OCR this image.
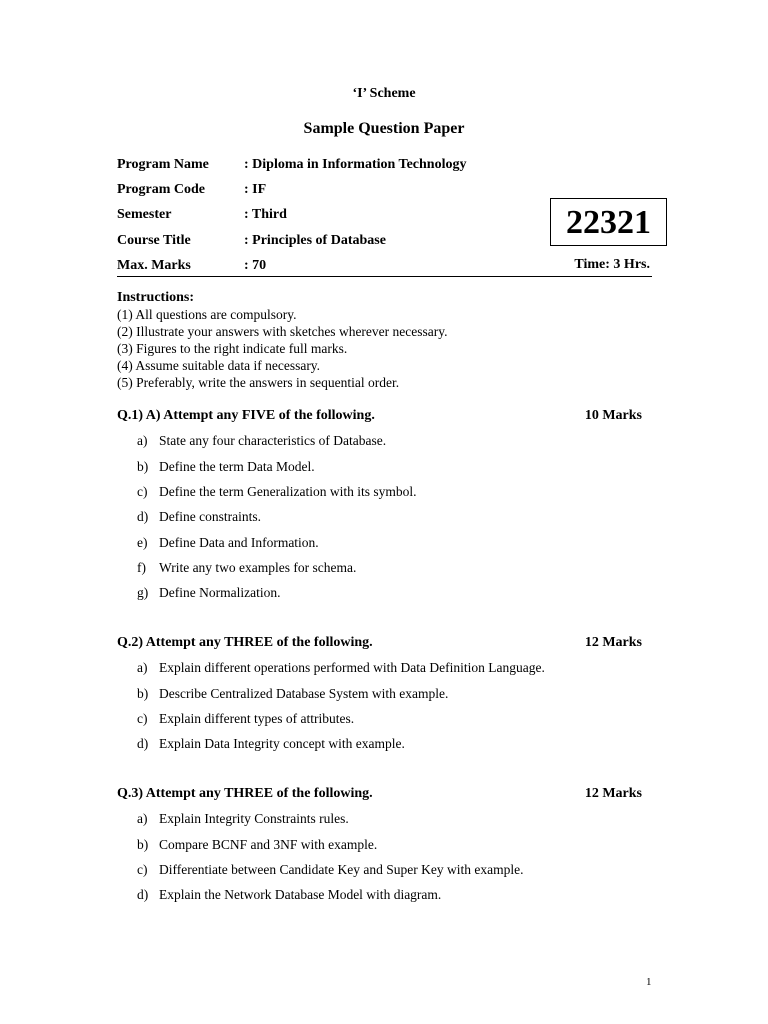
‘I’ Scheme
Sample Question Paper
Program Name	: Diploma in Information Technology
Program Code	: IF
Semester	: Third
Course Title	: Principles of Database
Max. Marks	: 70
22321
Time: 3 Hrs.
Instructions:
(1) All questions are compulsory.
(2) Illustrate your answers with sketches wherever necessary.
(3) Figures to the right indicate full marks.
(4) Assume suitable data if necessary.
(5) Preferably, write the answers in sequential order.
Q.1) A) Attempt any FIVE of the following.	10 Marks
a) State any four characteristics of Database.
b) Define the term Data Model.
c) Define the term Generalization with its symbol.
d) Define constraints.
e) Define Data and Information.
f) Write any two examples for schema.
g) Define Normalization.
Q.2) Attempt any THREE of the following.	12 Marks
a) Explain different operations performed with Data Definition Language.
b) Describe Centralized Database System with example.
c) Explain different types of attributes.
d) Explain Data Integrity concept with example.
Q.3) Attempt any THREE of the following.	12 Marks
a) Explain Integrity Constraints rules.
b) Compare BCNF and 3NF with example.
c) Differentiate between Candidate Key and Super Key with example.
d) Explain the Network Database Model with diagram.
1
